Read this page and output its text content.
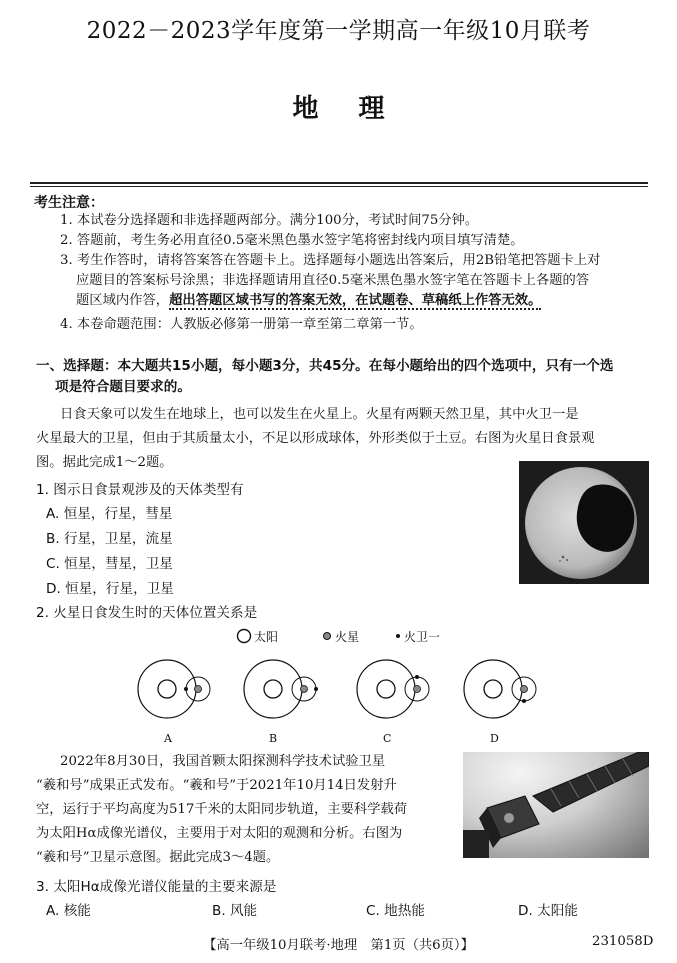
2022－2023学年度第一学期高一年级10月联考
地理
考生注意：
1. 本试卷分选择题和非选择题两部分。满分100分，考试时间75分钟。
2. 答题前，考生务必用直径0.5毫米黑色墨水签字笔将密封线内项目填写清楚。
3. 考生作答时，请将答案答在答题卡上。选择题每小题选出答案后，用2B铅笔把答题卡上对
应题目的答案标号涂黑；非选择题请用直径0.5毫米黑色墨水签字笔在答题卡上各题的答
题区域内作答，超出答题区域书写的答案无效，在试题卷、草稿纸上作答无效。
4. 本卷命题范围：人教版必修第一册第一章至第二章第一节。
一、选择题：本大题共15小题，每小题3分，共45分。在每小题给出的四个选项中，只有一个选
项是符合题目要求的。
日食天象可以发生在地球上，也可以发生在火星上。火星有两颗天然卫星，其中火卫一是
火星最大的卫星，但由于其质量太小，不足以形成球体，外形类似于土豆。右图为火星日食景观
图。据此完成1～2题。
1. 图示日食景观涉及的天体类型有
A. 恒星，行星，彗星
B. 行星，卫星，流星
C. 恒星，彗星，卫星
D. 恒星，行星，卫星
2. 火星日食发生时的天体位置关系是
太阳	火星	火卫一
A	B	C	D
2022年8月30日，我国首颗太阳探测科学技术试验卫星
“羲和号”成果正式发布。“羲和号”于2021年10月14日发射升
空，运行于平均高度为517千米的太阳同步轨道，主要科学载荷
为太阳Hα成像光谱仪，主要用于对太阳的观测和分析。右图为
“羲和号”卫星示意图。据此完成3～4题。
3. 太阳Hα成像光谱仪能量的主要来源是
A. 核能	B. 风能	C. 地热能	D. 太阳能
【高一年级10月联考·地理　第1页（共6页）】	231058D
